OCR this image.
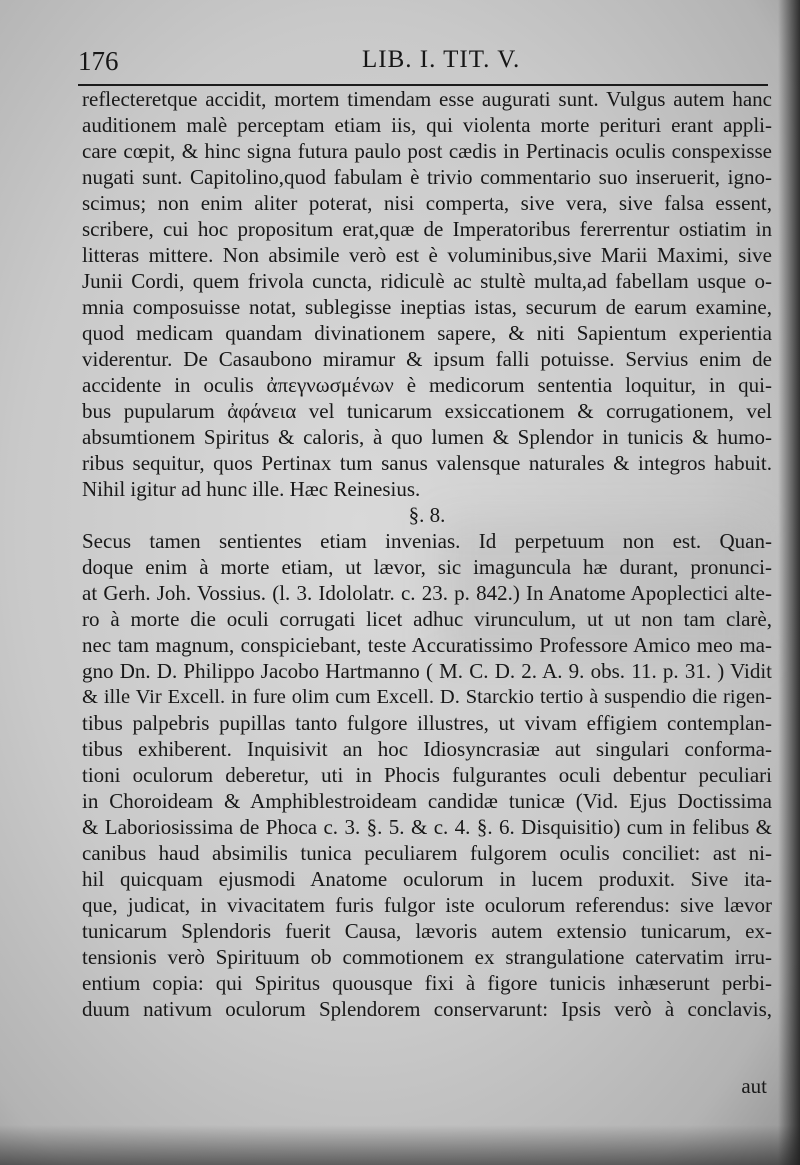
176	LIB. I. TIT. V.
reflecteretque accidit, mortem timendam esse augurati sunt. Vulgus autem hanc
auditionem malè perceptam etiam iis, qui violenta morte perituri erant appli-
care cœpit, & hinc signa futura paulo post cædis in Pertinacis oculis conspexisse
nugati sunt. Capitolino,quod fabulam è trivio commentario suo inseruerit, igno-
scimus; non enim aliter poterat, nisi comperta, sive vera, sive falsa essent,
scribere, cui hoc propositum erat,quæ de Imperatoribus fererrentur ostiatim in
litteras mittere. Non absimile verò est è voluminibus,sive Marii Maximi, sive
Junii Cordi, quem frivola cuncta, ridiculè ac stultè multa,ad fabellam usque o-
mnia composuisse notat, sublegisse ineptias istas, securum de earum examine,
quod medicam quandam divinationem sapere, & niti Sapientum experientia
viderentur. De Casaubono miramur & ipsum falli potuisse. Servius enim de
accidente in oculis ἀπεγνωσμένων è medicorum sententia loquitur, in qui-
bus pupularum ἀφάνεια vel tunicarum exsiccationem & corrugationem, vel
absumtionem Spiritus & caloris, à quo lumen & Splendor in tunicis & humo-
ribus sequitur, quos Pertinax tum sanus valensque naturales & integros habuit.
Nihil igitur ad hunc ille. Hæc Reinesius.
§. 8.
Secus tamen sentientes etiam invenias. Id perpetuum non est. Quan-
doque enim à morte etiam, ut lævor, sic imaguncula hæ durant, pronunci-
at Gerh. Joh. Vossius. (l. 3. Idololatr. c. 23. p. 842.) In Anatome Apoplectici alte-
ro à morte die oculi corrugati licet adhuc virunculum, ut ut non tam clarè,
nec tam magnum, conspiciebant, teste Accuratissimo Professore Amico meo ma-
gno Dn. D. Philippo Jacobo Hartmanno ( M. C. D. 2. A. 9. obs. 11. p. 31. ) Vidit
& ille Vir Excell. in fure olim cum Excell. D. Starckio tertio à suspendio die rigen-
tibus palpebris pupillas tanto fulgore illustres, ut vivam effigiem contemplan-
tibus exhiberent. Inquisivit an hoc Idiosyncrasiæ aut singulari conforma-
tioni oculorum deberetur, uti in Phocis fulgurantes oculi debentur peculiari
in Choroideam & Amphiblestroideam candidæ tunicæ (Vid. Ejus Doctissima
& Laboriosissima de Phoca c. 3. §. 5. & c. 4. §. 6. Disquisitio) cum in felibus &
canibus haud absimilis tunica peculiarem fulgorem oculis conciliet: ast ni-
hil quicquam ejusmodi Anatome oculorum in lucem produxit. Sive ita-
que, judicat, in vivacitatem furis fulgor iste oculorum referendus: sive lævor
tunicarum Splendoris fuerit Causa, lævoris autem extensio tunicarum, ex-
tensionis verò Spirituum ob commotionem ex strangulatione catervatim irru-
entium copia: qui Spiritus quousque fixi à figore tunicis inhæserunt perbi-
duum nativum oculorum Splendorem conservarunt: Ipsis verò à conclavis,
aut
